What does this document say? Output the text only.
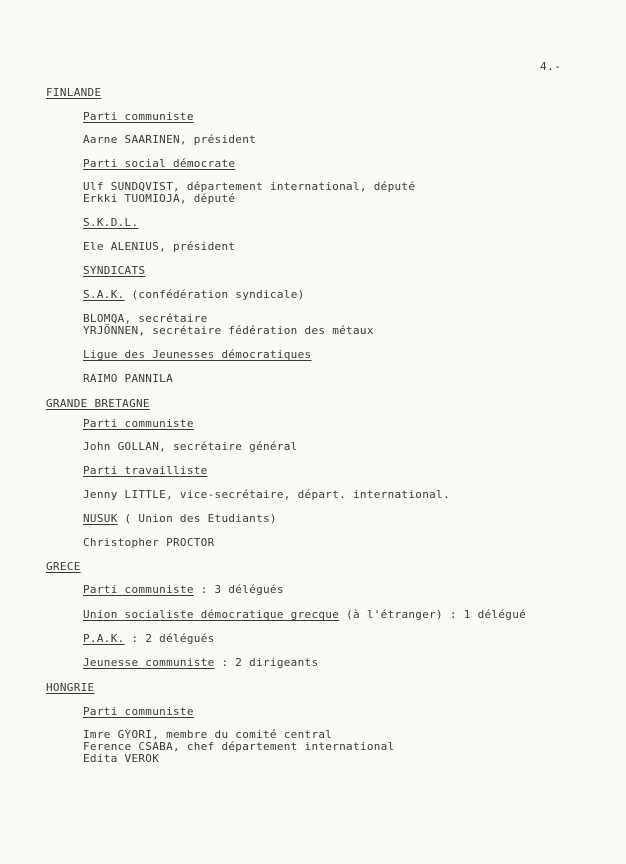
4.-
FINLANDE
Parti communiste
Aarne SAARINEN, président
Parti social démocrate
Ulf SUNDQVIST, département international, député
Erkki TUOMIOJA, député
S.K.D.L.
Ele ALENIUS, président
SYNDICATS
S.A.K. (confédération syndicale)
BLOMQA, secrétaire
YRJÖNNEN, secrétaire fédération des métaux
Ligue des Jeunesses démocratiques
RAIMO PANNILA
GRANDE BRETAGNE
Parti communiste
John GOLLAN, secrétaire général
Parti travailliste
Jenny LITTLE, vice-secrétaire, départ. international.
NUSUK ( Union des Etudiants)
Christopher PROCTOR
GRECE
Parti communiste : 3 délégués
Union socialiste démocratique grecque (à l'étranger) : 1 délégué
P.A.K. : 2 délégués
Jeunesse communiste : 2 dirigeants
HONGRIE
Parti communiste
Imre GYORI, membre du comité central
Ference CSABA, chef département international
Edita VEROK
